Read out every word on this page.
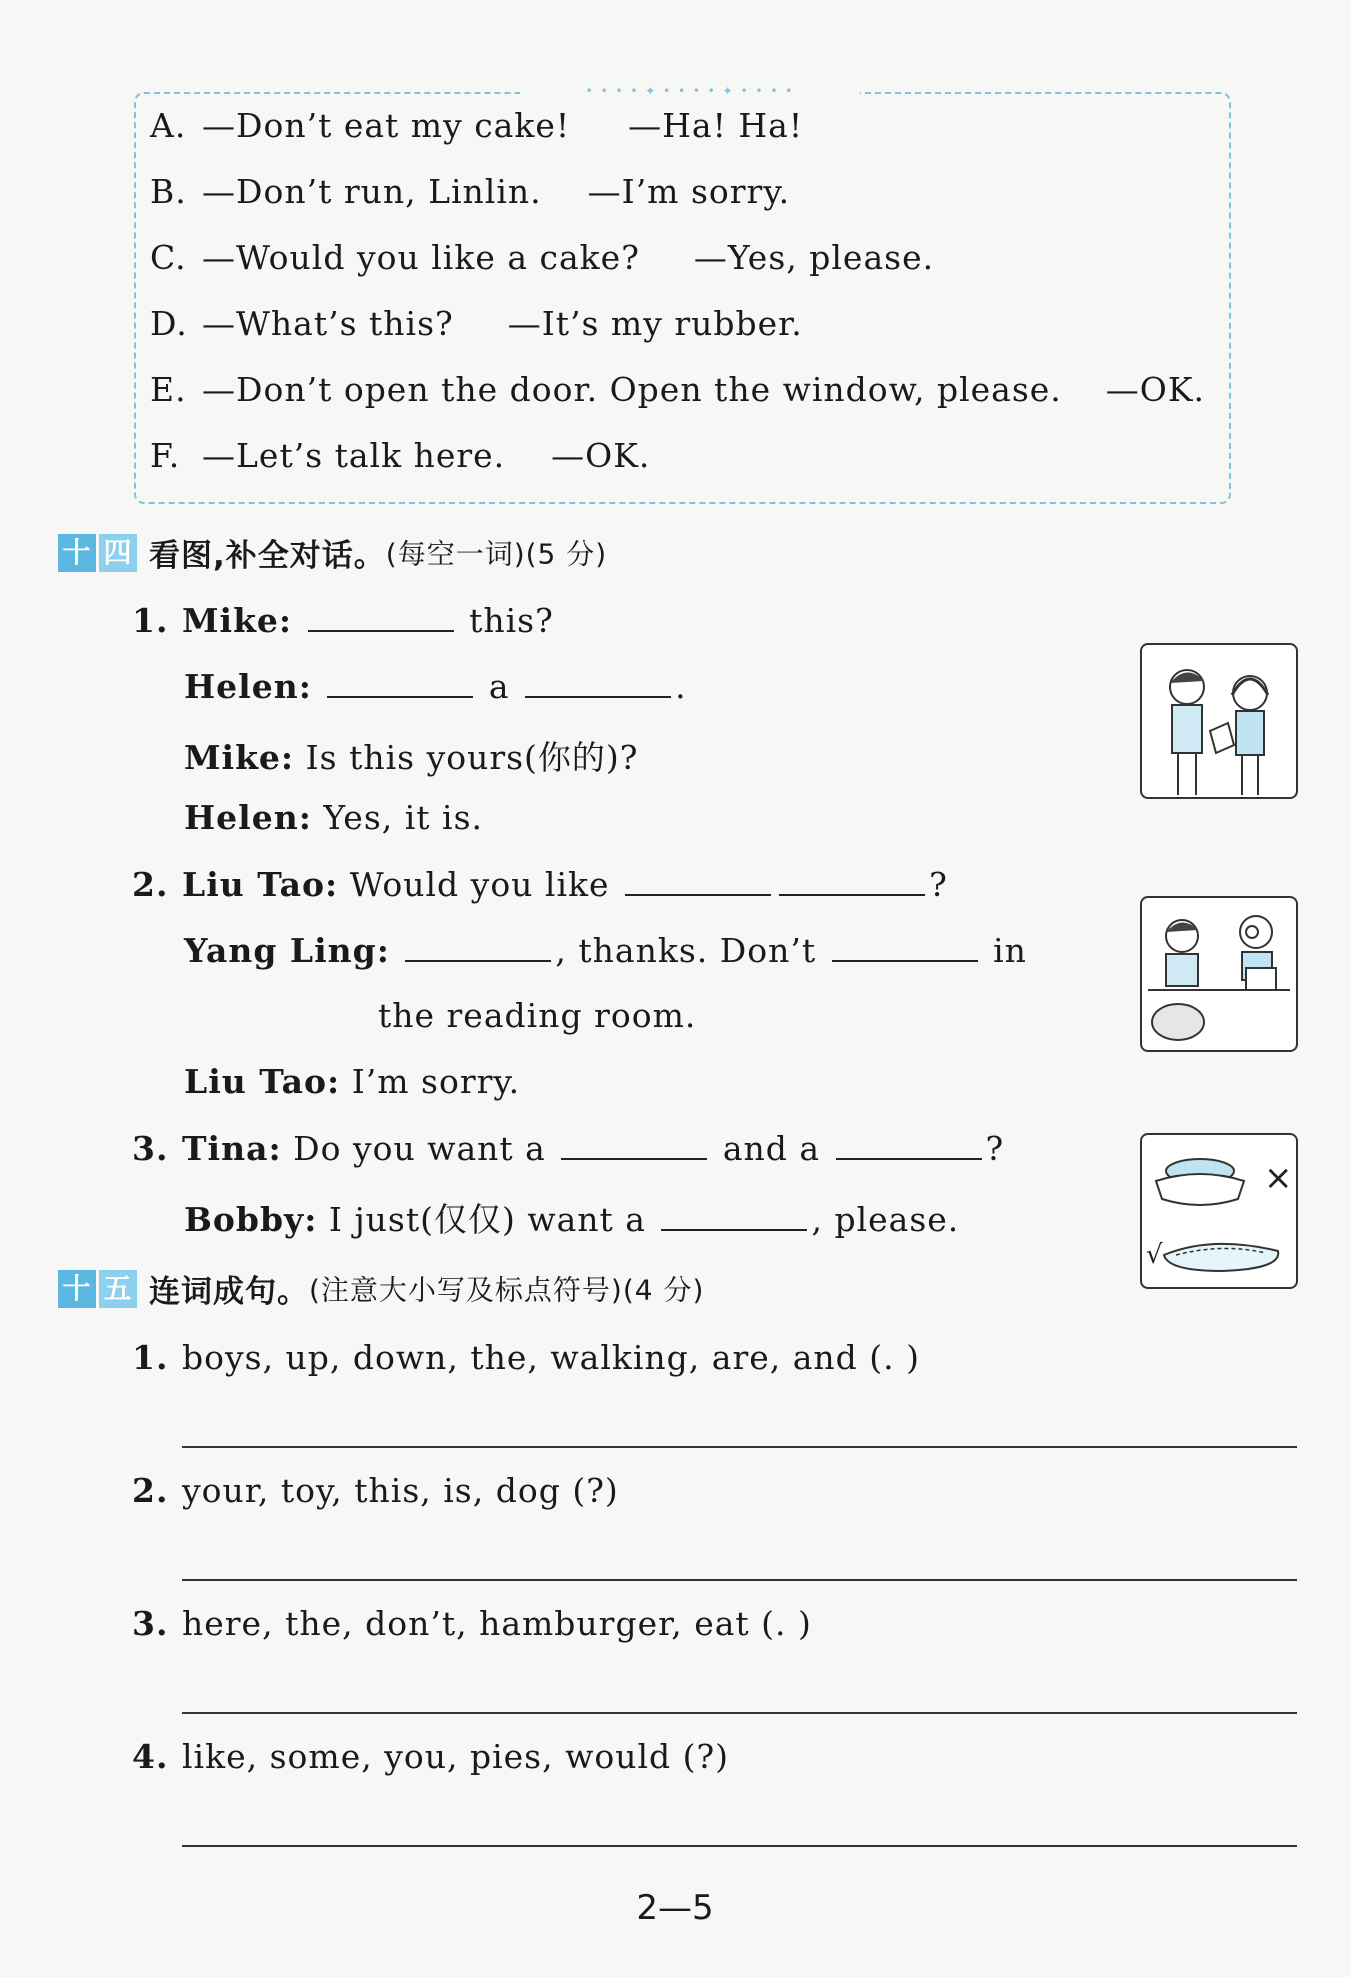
• • • • ✦ • • • • ✦ • • • •
A. —Don’t eat my cake! —Ha! Ha!
B. —Don’t run, Linlin. —I’m sorry.
C. —Would you like a cake? —Yes, please.
D. —What’s this? —It’s my rubber.
E. —Don’t open the door. Open the window, please. —OK.
F. —Let’s talk here. —OK.
十 四 看图,补全对话。(每空一词)(5 分)
1. Mike:	this?
Helen:	a	.
Mike: Is this yours(你的)?
Helen: Yes, it is.
2. Liu Tao: Would you like	?
Yang Ling:	, thanks. Don’t	in
the reading room.
Liu Tao: I’m sorry.
3. Tina: Do you want a	and a	?
Bobby: I just(仅仅) want a	, please.
×
√
十 五 连词成句。(注意大小写及标点符号)(4 分)
1. boys, up, down, the, walking, are, and (. )
2. your, toy, this, is, dog (?)
3. here, the, don’t, hamburger, eat (. )
4. like, some, you, pies, would (?)
2—5
